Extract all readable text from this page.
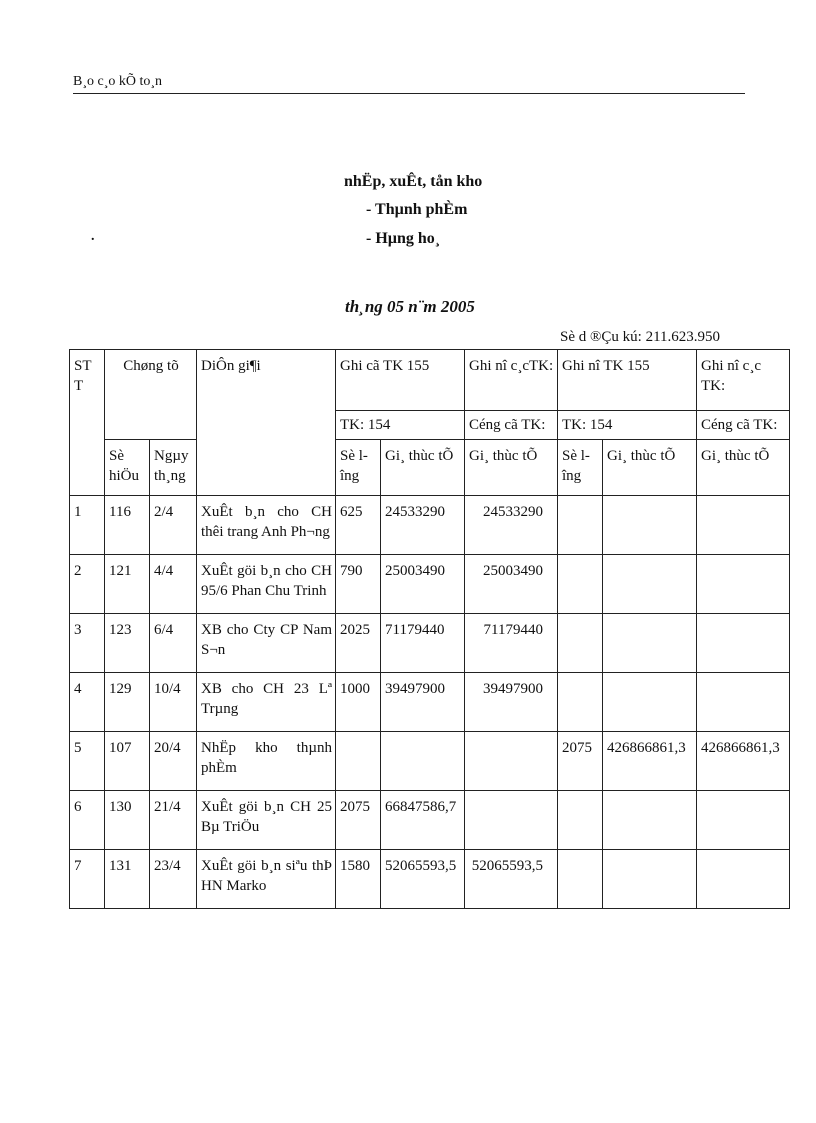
B¸o c¸o kÕ to¸n
nhËp, xuÊt, tån kho
- Thµnh phÈm
.	- Hµng ho¸
th¸ng 05 n¨m 2005
Sè d ®Çu kú: 211.623.950
ST T	Chøng tõ		DiÔn gi¶i	Ghi cã TK 155		Ghi nî c¸cTK:	Ghi nî TK 155		Ghi nî c¸c TK:
				TK: 154		Céng cã TK:	TK: 154		Céng cã TK:
	Sè hiÖu	Ngµy th¸ng		Sè lîng	Gi¸ thùc tÕ	Gi¸ thùc tÕ	Sè lîng	Gi¸ thùc tÕ	Gi¸ thùc tÕ
1	116	2/4	XuÊt b¸n cho CH thêi trang Anh Ph¬ng	625	24533290	24533290			
2	121	4/4	XuÊt göi b¸n cho CH 95/6 Phan Chu Trinh	790	25003490	25003490			
3	123	6/4	XB cho Cty CP Nam S¬n	2025	71179440	71179440			
4	129	10/4	XB cho CH 23 Lª Trµng	1000	39497900	39497900			
5	107	20/4	NhËp kho thµnh phÈm				2075	426866861,3	426866861,3
6	130	21/4	XuÊt göi b¸n CH 25 Bµ TriÖu	2075	66847586,7				
7	131	23/4	XuÊt göi b¸n siªu thÞ HN Marko	1580	52065593,5	52065593,5			
